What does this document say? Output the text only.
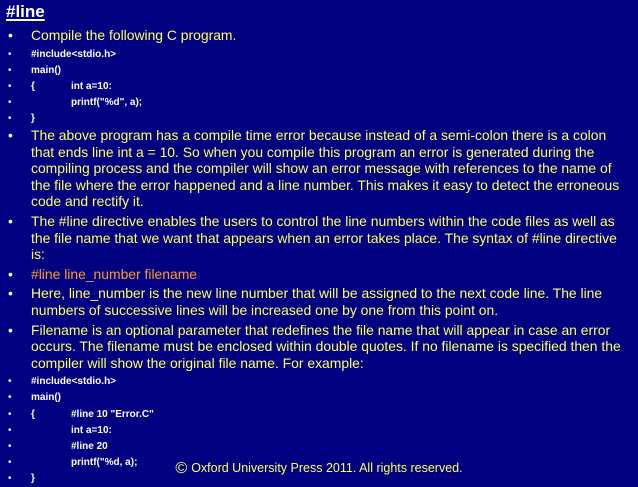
#line
• Compile the following C program.
• #include<stdio.h>
• main()
• {	int a=10:
•	printf("%d", a);
• }
• The above program has a compile time error because instead of a semi-colon there is a colon that ends line int a = 10. So when you compile this program an error is generated during the compiling process and the compiler will show an error message with references to the name of the file where the error happened and a line number. This makes it easy to detect the erroneous code and rectify it.
• The #line directive enables the users to control the line numbers within the code files as well as the file name that we want that appears when an error takes place. The syntax of #line directive is:
• #line line_number filename
• Here, line_number is the new line number that will be assigned to the next code line. The line numbers of successive lines will be increased one by one from this point on.
• Filename is an optional parameter that redefines the file name that will appear in case an error occurs. The filename must be enclosed within double quotes. If no filename is specified then the compiler will show the original file name. For example:
• #include<stdio.h>
• main()
• {	#line 10 "Error.C"
•	int a=10:
•	#line 20
•	printf("%d, a);
• }
© Oxford University Press 2011. All rights reserved.
